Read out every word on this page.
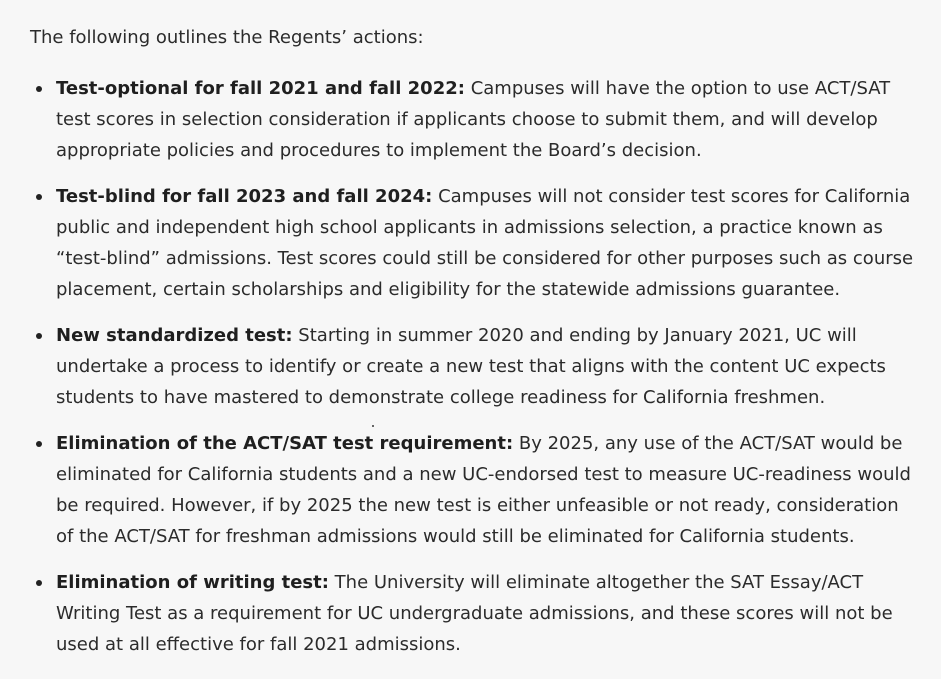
The following outlines the Regents’ actions:

Test-optional for fall 2021 and fall 2022: Campuses will have the option to use ACT/SAT test scores in selection consideration if applicants choose to submit them, and will develop appropriate policies and procedures to implement the Board’s decision.
Test-blind for fall 2023 and fall 2024: Campuses will not consider test scores for California public and independent high school applicants in admissions selection, a practice known as “test-blind” admissions. Test scores could still be considered for other purposes such as course placement, certain scholarships and eligibility for the statewide admissions guarantee.
New standardized test: Starting in summer 2020 and ending by January 2021, UC will undertake a process to identify or create a new test that aligns with the content UC expects students to have mastered to demonstrate college readiness for California freshmen.
Elimination of the ACT/SAT test requirement: By 2025, any use of the ACT/SAT would be eliminated for California students and a new UC-endorsed test to measure UC-readiness would be required. However, if by 2025 the new test is either unfeasible or not ready, consideration of the ACT/SAT for freshman admissions would still be eliminated for California students.
Elimination of writing test: The University will eliminate altogether the SAT Essay/ACT Writing Test as a requirement for UC undergraduate admissions, and these scores will not be used at all effective for fall 2021 admissions.
